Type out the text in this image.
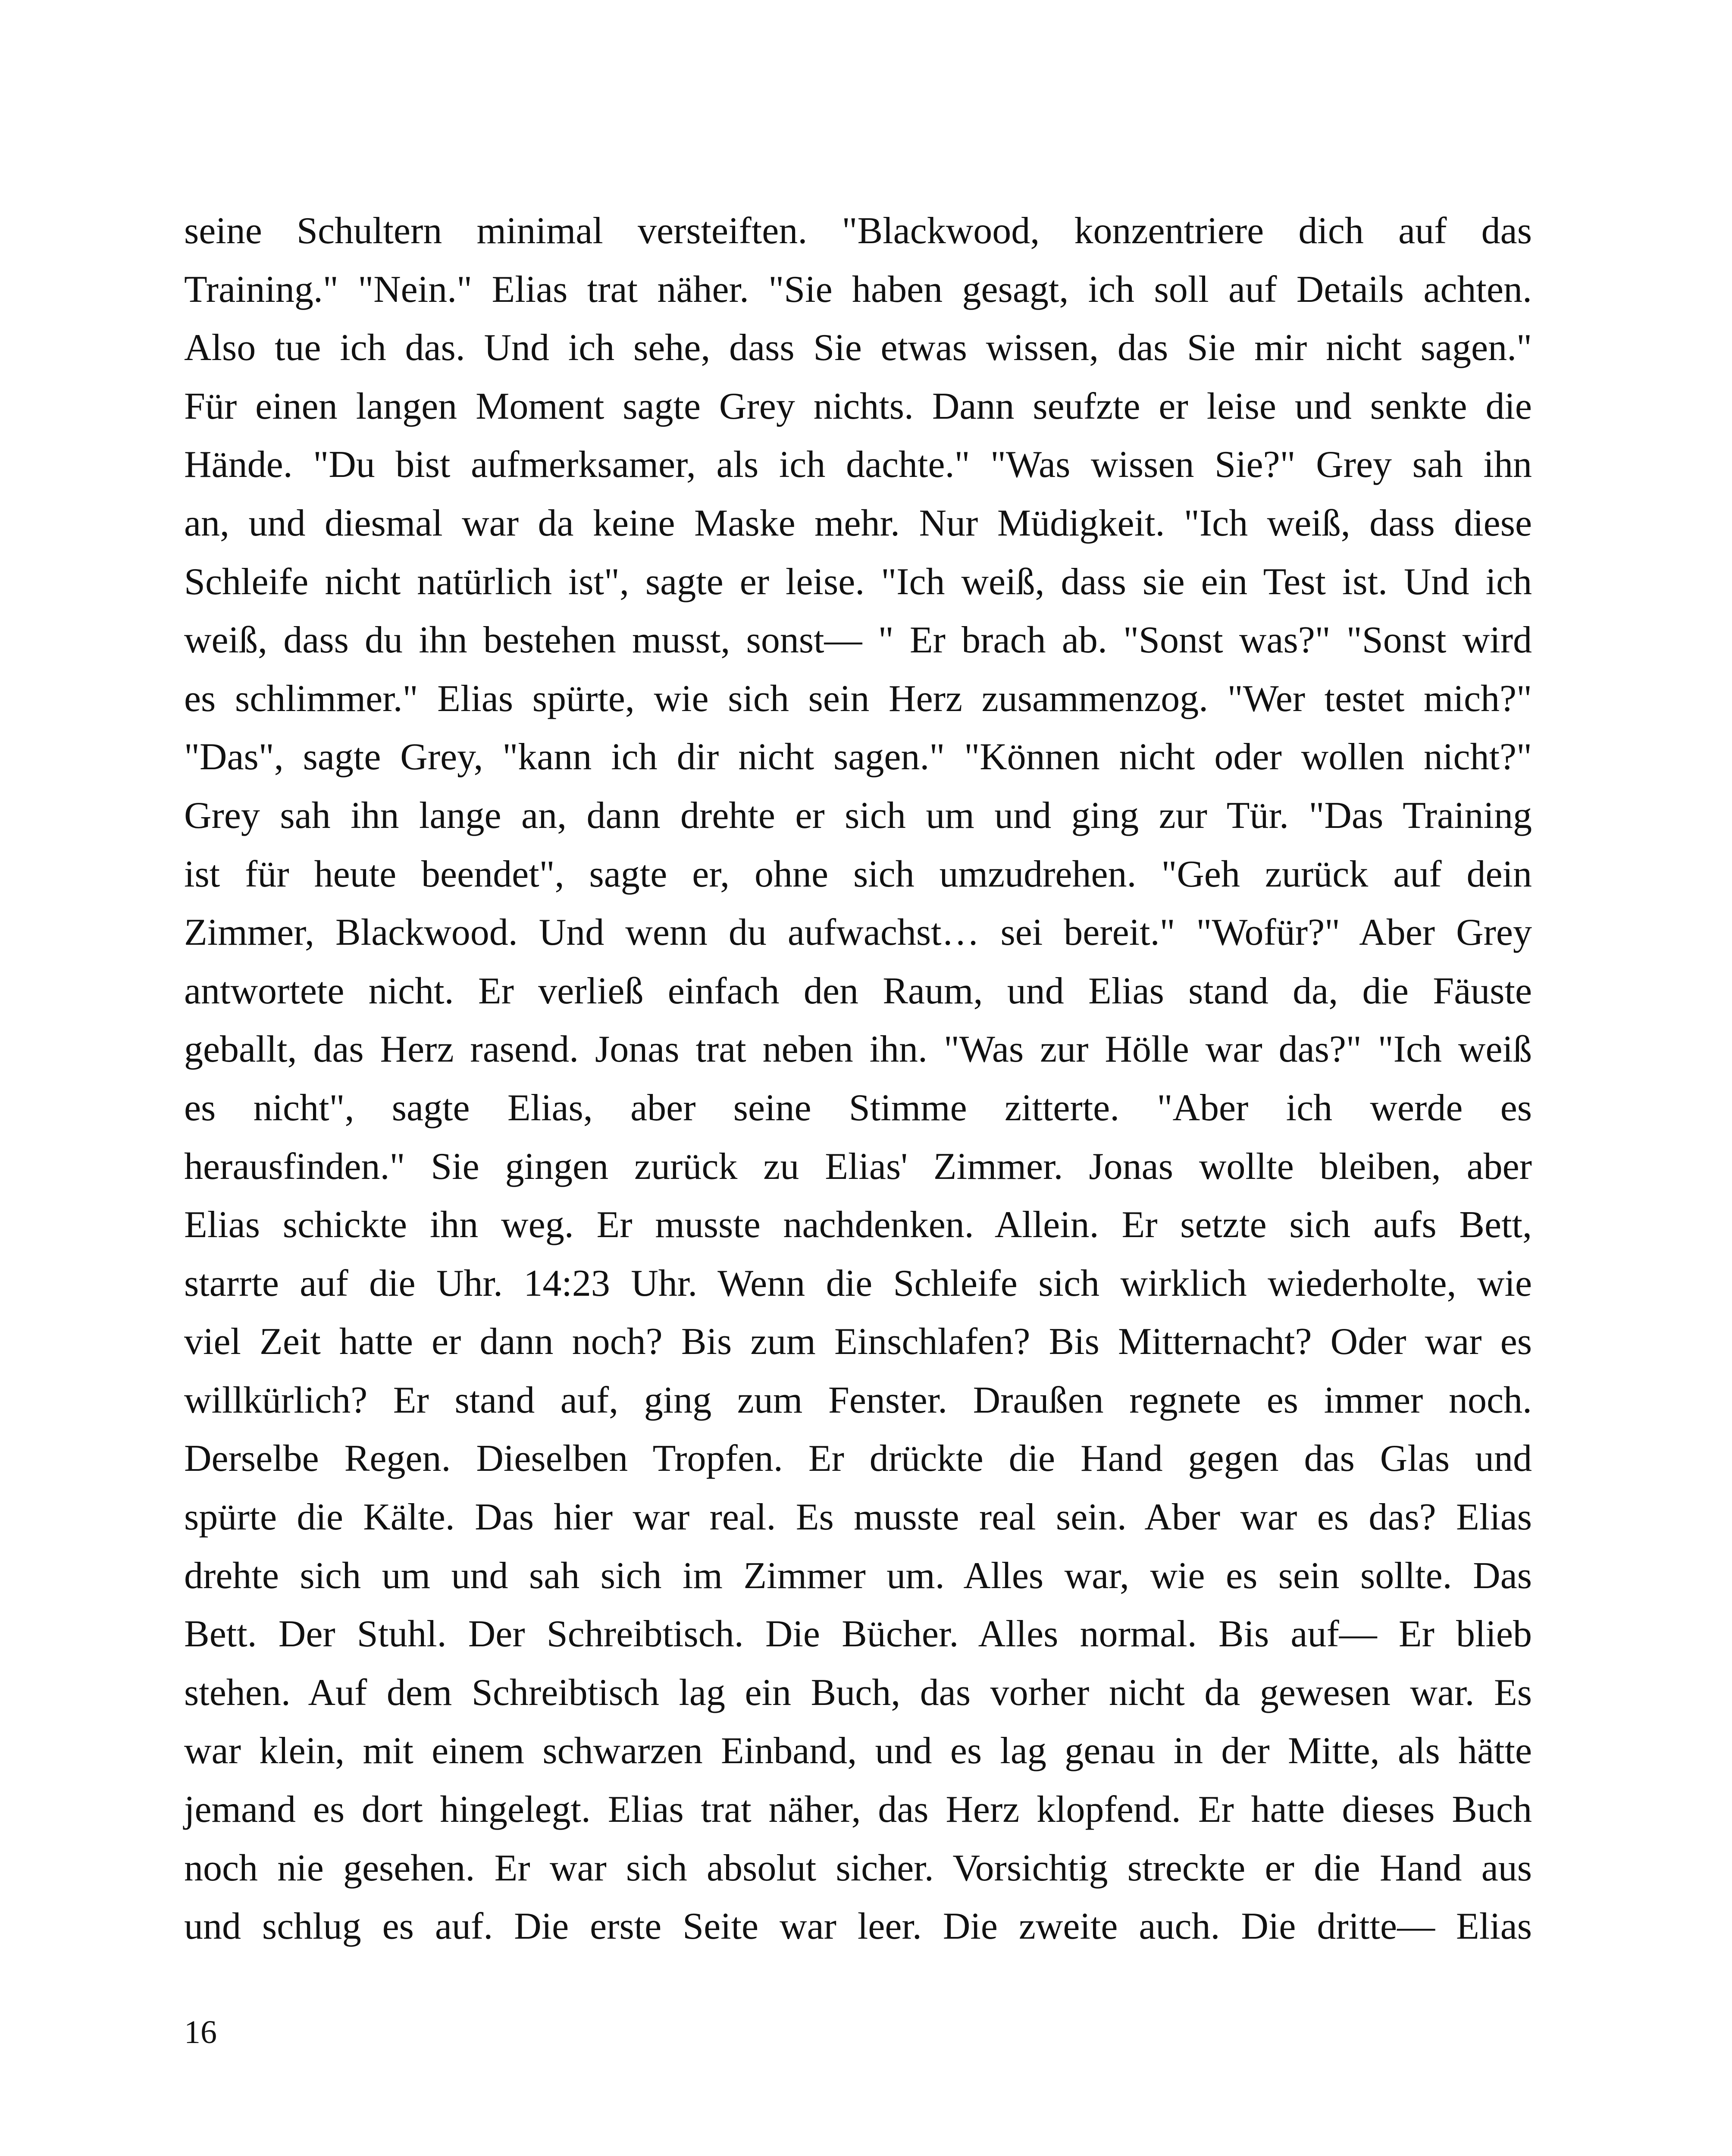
seine Schultern minimal versteiften. "Blackwood, konzentriere dich auf das
Training." "Nein." Elias trat näher. "Sie haben gesagt, ich soll auf Details achten.
Also tue ich das. Und ich sehe, dass Sie etwas wissen, das Sie mir nicht sagen."
Für einen langen Moment sagte Grey nichts. Dann seufzte er leise und senkte die
Hände. "Du bist aufmerksamer, als ich dachte." "Was wissen Sie?" Grey sah ihn
an, und diesmal war da keine Maske mehr. Nur Müdigkeit. "Ich weiß, dass diese
Schleife nicht natürlich ist", sagte er leise. "Ich weiß, dass sie ein Test ist. Und ich
weiß, dass du ihn bestehen musst, sonst— " Er brach ab. "Sonst was?" "Sonst wird
es schlimmer." Elias spürte, wie sich sein Herz zusammenzog. "Wer testet mich?"
"Das", sagte Grey, "kann ich dir nicht sagen." "Können nicht oder wollen nicht?"
Grey sah ihn lange an, dann drehte er sich um und ging zur Tür. "Das Training
ist für heute beendet", sagte er, ohne sich umzudrehen. "Geh zurück auf dein
Zimmer, Blackwood. Und wenn du aufwachst… sei bereit." "Wofür?" Aber Grey
antwortete nicht. Er verließ einfach den Raum, und Elias stand da, die Fäuste
geballt, das Herz rasend. Jonas trat neben ihn. "Was zur Hölle war das?" "Ich weiß
es nicht", sagte Elias, aber seine Stimme zitterte. "Aber ich werde es
herausfinden." Sie gingen zurück zu Elias' Zimmer. Jonas wollte bleiben, aber
Elias schickte ihn weg. Er musste nachdenken. Allein. Er setzte sich aufs Bett,
starrte auf die Uhr. 14:23 Uhr. Wenn die Schleife sich wirklich wiederholte, wie
viel Zeit hatte er dann noch? Bis zum Einschlafen? Bis Mitternacht? Oder war es
willkürlich? Er stand auf, ging zum Fenster. Draußen regnete es immer noch.
Derselbe Regen. Dieselben Tropfen. Er drückte die Hand gegen das Glas und
spürte die Kälte. Das hier war real. Es musste real sein. Aber war es das? Elias
drehte sich um und sah sich im Zimmer um. Alles war, wie es sein sollte. Das
Bett. Der Stuhl. Der Schreibtisch. Die Bücher. Alles normal. Bis auf— Er blieb
stehen. Auf dem Schreibtisch lag ein Buch, das vorher nicht da gewesen war. Es
war klein, mit einem schwarzen Einband, und es lag genau in der Mitte, als hätte
jemand es dort hingelegt. Elias trat näher, das Herz klopfend. Er hatte dieses Buch
noch nie gesehen. Er war sich absolut sicher. Vorsichtig streckte er die Hand aus
und schlug es auf. Die erste Seite war leer. Die zweite auch. Die dritte— Elias
16
